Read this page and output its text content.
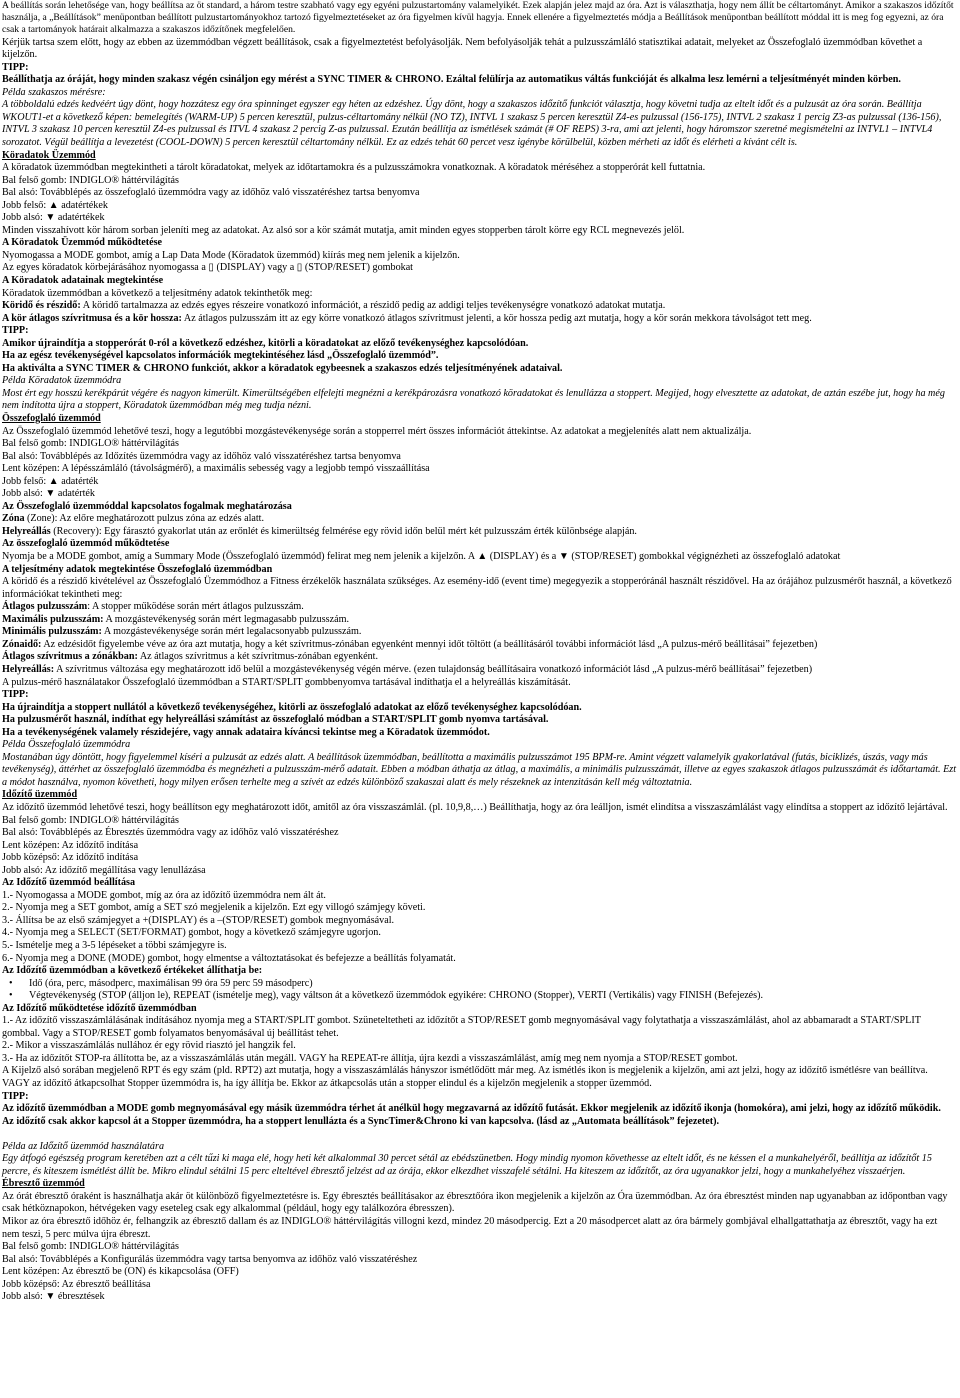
A beállítás során lehetősége van, hogy beállítsa az öt standard, a három testre szabható vagy egy egyéni pulzustartomány valamelyikét. Ezek alapján jelez majd az óra. Azt is választhatja, hogy nem állít be céltartományt. Amikor a szakaszos időzítőt használja, a „Beállítások” menüpontban beállított pulzustartományokhoz tartozó figyelmeztetéseket az óra figyelmen kívül hagyja. Ennek ellenére a figyelmeztetés módja a Beállítások menüpontban beállított móddal itt is meg fog egyezni, az óra csak a tartományok határait alkalmazza a szakaszos időzítőnek megfelelően.

Kérjük tartsa szem előtt, hogy az ebben az üzemmódban végzett beállítások, csak a figyelmeztetést befolyásolják. Nem befolyásolják tehát a pulzusszámláló statisztikai adatait, melyeket az Összefoglaló üzemmódban követhet a kijelzőn.

TIPP:

Beállíthatja az óráját, hogy minden szakasz végén csináljon egy mérést a SYNC TIMER & CHRONO. Ezáltal felülírja az automatikus váltás funkcióját és alkalma lesz lemérni a teljesítményét minden körben.

Példa szakaszos mérésre:

A többoldalú edzés kedvéért úgy dönt, hogy hozzátesz egy óra spinninget egyszer egy héten az edzéshez. Úgy dönt, hogy a szakaszos időzítő funkciót választja, hogy követni tudja az eltelt időt és a pulzusát az óra során. Beállítja WKOUT1-et a következő képen: bemelegítés (WARM-UP) 5 percen keresztül, pulzus-céltartomány nélkül (NO TZ), INTVL 1 szakasz 5 percen keresztül Z4-es pulzussal (156-175), INTVL 2 szakasz 1 percig Z3-as pulzussal (136-156), INTVL 3 szakasz 10 percen keresztül Z4-es pulzussal és ITVL 4 szakasz 2 percig Z-as pulzussal. Ezután beállítja az ismétlések számát (# OF REPS) 3-ra, ami azt jelenti, hogy háromszor szeretné megismételni az INTVL1 – INTVL4 sorozatot. Végül beállítja a levezetést (COOL-DOWN) 5 percen keresztül céltartomány nélkül. Ez az edzés tehát 60 percet vesz igénybe körülbelül, közben mérheti az időt és elérheti a kívánt célt is.

Köradatok Üzemmód

A köradatok üzemmódban megtekintheti a tárolt köradatokat, melyek az időtartamokra és a pulzusszámokra vonatkoznak. A köradatok méréséhez a stopperórát kell futtatnia.

Bal felső gomb: INDIGLO® háttérvilágítás

Bal alsó: Továbblépés az összefoglaló üzemmódra vagy az időhöz való visszatéréshez tartsa benyomva

Jobb felső: ▲ adatértékek

Jobb alsó: ▼ adatértékek

Minden visszahívott kör három sorban jeleníti meg az adatokat. Az alsó sor a kör számát mutatja, amit minden egyes stopperben tárolt körre egy RCL megnevezés jelöl.

A Köradatok Üzemmód működtetése

Nyomogassa a MODE gombot, amíg a Lap Data Mode (Köradatok üzemmód) kiírás meg nem jelenik a kijelzőn.

Az egyes köradatok körbejárásához nyomogassa a ▯ (DISPLAY) vagy a ▯ (STOP/RESET) gombokat

A Köradatok adatainak megtekintése

Köradatok üzemmódban a következő a teljesítmény adatok tekinthetők meg:

Köridő és részidő: A köridő tartalmazza az edzés egyes részeire vonatkozó információt, a részidő pedig az addigi teljes tevékenységre vonatkozó adatokat mutatja.

A kör átlagos szívritmusa és a kör hossza: Az átlagos pulzusszám itt az egy körre vonatkozó átlagos szívritmust jelenti, a kör hossza pedig azt mutatja, hogy a kör során mekkora távolságot tett meg.

TIPP:

Amikor újraindítja a stopperórát 0-ról a következő edzéshez, kitörli a köradatokat az előző tevékenységhez kapcsolódóan.

Ha az egész tevékenységével kapcsolatos információk megtekintéséhez lásd „Összefoglaló üzemmód”.

Ha aktiválta a SYNC TIMER & CHRONO funkciót, akkor a köradatok egybeesnek a szakaszos edzés teljesítményének adataival.

Példa Köradatok üzemmódra

Most ért egy hosszú kerékpárút végére és nagyon kimerült. Kimerültségében elfelejti megnézni a kerékpározásra vonatkozó köradatokat és lenullázza a stoppert. Megijed, hogy elvesztette az adatokat, de aztán eszébe jut, hogy ha még nem indította újra a stoppert, Köradatok üzemmódban még meg tudja nézni.

Összefoglaló üzemmód

Az Összefoglaló üzemmód lehetővé teszi, hogy a legutóbbi mozgástevékenysége során a stopperrel mért összes információt áttekintse. Az adatokat a megjelenítés alatt nem aktualizálja.

Bal felső gomb: INDIGLO® háttérvilágítás

Bal alsó: Továbblépés az Időzítés üzemmódra vagy az időhöz való visszatéréshez tartsa benyomva

Lent középen: A lépésszámláló (távolságmérő), a maximális sebesség vagy a legjobb tempó visszaállítása

Jobb felső: ▲ adatérték

Jobb alsó: ▼ adatérték

Az Összefoglaló üzemmóddal kapcsolatos fogalmak meghatározása

Zóna (Zone): Az előre meghatározott pulzus zóna az edzés alatt.

Helyreállás (Recovery): Egy fárasztó gyakorlat után az erőnlét és kimerültség felmérése egy rövid időn belül mért két pulzusszám érték különbsége alapján.

Az összefoglaló üzemmód működtetése

Nyomja be a MODE gombot, amíg a Summary Mode (Összefoglaló üzemmód) felirat meg nem jelenik a kijelzőn. A ▲ (DISPLAY) és a ▼ (STOP/RESET) gombokkal végignézheti az összefoglaló adatokat

A teljesítmény adatok megtekintése Összefoglaló üzemmódban

A köridő és a részidő kivételével az Összefoglaló Üzemmódhoz a Fitness érzékelők használata szükséges. Az esemény-idő (event time) megegyezik a stopperóránál használt részidővel. Ha az órájához pulzusmérőt használ, a következő információkat tekintheti meg:

Átlagos pulzusszám: A stopper működése során mért átlagos pulzusszám.

Maximális pulzusszám: A mozgástevékenység során mért legmagasabb pulzusszám.

Minimális pulzusszám: A mozgástevékenysége során mért legalacsonyabb pulzusszám.

Zónaidő: Az edzésidőt figyelembe véve az óra azt mutatja, hogy a két szívritmus-zónában egyenként mennyi időt töltött (a beállításáról további információt lásd „A pulzus-mérő beállításai” fejezetben)

Átlagos szívritmus a zónákban: Az átlagos szívritmus a két szívritmus-zónában egyenként.

Helyreállás: A szívritmus változása egy meghatározott idő belül a mozgástevékenység végén mérve. (ezen tulajdonság beállításaira vonatkozó információt lásd „A pulzus-mérő beállításai” fejezetben)

A pulzus-mérő használatakor Összefoglaló üzemmódban a START/SPLIT gombbenyomva tartásával indíthatja el a helyreállás kiszámítását.

TIPP:

Ha újraindítja a stoppert nullától a következő tevékenységéhez, kitörli az összefoglaló adatokat az előző tevékenységhez kapcsolódóan.

Ha pulzusmérőt használ, indíthat egy helyreállási számítást az összefoglaló módban a START/SPLIT gomb nyomva tartásával.

Ha a tevékenységének valamely részidejére, vagy annak adataira kíváncsi tekintse meg a Köradatok üzemmódot.

Példa Összefoglaló üzemmódra

Mostanában úgy döntött, hogy figyelemmel kíséri a pulzusát az edzés alatt. A beállítások üzemmódban, beállította a maximális pulzusszámot 195 BPM-re. Amint végzett valamelyik gyakorlatával (futás, biciklizés, úszás, vagy más tevékenység), áttérhet az összefoglaló üzemmódba és megnézheti a pulzusszám-mérő adatait. Ebben a módban áthatja az átlag, a maximális, a minimális pulzusszámát, illetve az egyes szakaszok átlagos pulzusszámát és időtartamát. Ezt a módot használva, nyomon követheti, hogy milyen erősen terhelte meg a szívét az edzés különböző szakaszai alatt és mely részeknek az intenzitásán kell még változtatnia.

Időzítő üzemmód

Az időzítő üzemmód lehetővé teszi, hogy beállítson egy meghatározott időt, amitől az óra visszaszámlál. (pl. 10,9,8,…) Beállíthatja, hogy az óra leálljon, ismét elindítsa a visszaszámlálást vagy elindítsa a stoppert az időzítő lejártával.

Bal felső gomb: INDIGLO® háttérvilágítás

Bal alsó: Továbblépés az Ébresztés üzemmódra vagy az időhöz való visszatéréshez

Lent középen: Az időzítő indítása

Jobb középső: Az időzítő indítása

Jobb alsó: Az időzítő megállítása vagy lenullázása

Az Időzítő üzemmód beállítása

1.- Nyomogassa a MODE gombot, míg az óra az időzítő üzemmódra nem ált át.

2.- Nyomja meg a SET gombot, amíg a SET szó megjelenik a kijelzőn. Ezt egy villogó számjegy követi.

3.- Állítsa be az első számjegyet a +(DISPLAY) és a –(STOP/RESET) gombok megnyomásával.

4.- Nyomja meg a SELECT (SET/FORMAT) gombot, hogy a következő számjegyre ugorjon.

5.- Ismételje meg a 3-5 lépéseket a többi számjegyre is.

6.- Nyomja meg a DONE (MODE) gombot, hogy elmentse a változtatásokat és befejezze a beállítás folyamatát.

Az Időzítő üzemmódban a következő értékeket állíthatja be:

• Idő (óra, perc, másodperc, maximálisan 99 óra 59 perc 59 másodperc)
• Végtevékenység (STOP (álljon le), REPEAT (ismételje meg), vagy váltson át a következő üzemmódok egyikére: CHRONO (Stopper), VERTI (Vertikális) vagy FINISH (Befejezés).

Az Időzítő működtetése időzítő üzemmódban

1.- Az időzítő visszaszámlálásának indításához nyomja meg a START/SPLIT gombot. Szüneteltetheti az időzítőt a STOP/RESET gomb megnyomásával vagy folytathatja a visszaszámlálást, ahol az abbamaradt a START/SPLIT gombbal. Vagy a STOP/RESET gomb folyamatos benyomásával új beállítást tehet.

2.- Mikor a visszaszámlálás nullához ér egy rövid riasztó jel hangzik fel.

3.- Ha az időzítőt STOP-ra állította be, az a visszaszámlálás után megáll. VAGY ha REPEAT-re állítja, újra kezdi a visszaszámlálást, amíg meg nem nyomja a STOP/RESET gombot.

A Kijelző alsó sorában megjelenő RPT és egy szám (pld. RPT2) azt mutatja, hogy a visszaszámlálás hányszor ismétlődött már meg. Az ismétlés ikon is megjelenik a kijelzőn, ami azt jelzi, hogy az időzítő ismétlésre van beállítva. VAGY az időzítő átkapcsolhat Stopper üzemmódra is, ha így állítja be. Ekkor az átkapcsolás után a stopper elindul és a kijelzőn megjelenik a stopper üzemmód.

TIPP:

Az időzítő üzemmódban a MODE gomb megnyomásával egy másik üzemmódra térhet át anélkül hogy megzavarná az időzítő futását. Ekkor megjelenik az időzítő ikonja (homokóra), ami jelzi, hogy az időzítő működik.

Az időzítő csak akkor kapcsol át a Stopper üzemmódra, ha a stoppert lenullázta és a SyncTimer&Chrono ki van kapcsolva. (lásd az „Automata beállítások” fejezetet).

Példa az Időzítő üzemmód használatára

Egy átfogó egészség program keretében azt a célt tűzi ki maga elé, hogy heti két alkalommal 30 percet sétál az ebédszünetben. Hogy mindig nyomon követhesse az eltelt időt, és ne késsen el a munkahelyéről, beállítja az időzítőt 15 percre, és kiteszem ismétlést állít be. Mikro elindul sétálni 15 perc elteltével ébresztő jelzést ad az órája, ekkor elkezdhet visszafelé sétálni. Ha kiteszem az időzítőt, az óra ugyanakkor jelzi, hogy a munkahelyéhez visszaérjen.

Ébresztő üzemmód

Az órát ébresztő óraként is használhatja akár öt különböző figyelmeztetésre is. Egy ébresztés beállításakor az ébresztőóra ikon megjelenik a kijelzőn az Óra üzemmódban. Az óra ébresztést minden nap ugyanabban az időpontban vagy csak hétköznapokon, hétvégeken vagy eseteleg csak egy alkalommal (például, hogy egy találkozóra ébresszen).

Mikor az óra ébresztő időhöz ér, felhangzik az ébresztő dallam és az INDIGLO® háttérvilágítás villogni kezd, mindez 20 másodpercig. Ezt a 20 másodpercet alatt az óra bármely gombjával elhallgattathatja az ébresztőt, vagy ha ezt nem teszi, 5 perc múlva újra ébreszt.

Bal felső gomb: INDIGLO® háttérvilágítás

Bal alsó: Továbblépés a Konfigurálás üzemmódra vagy tartsa benyomva az időhöz való visszatéréshez

Lent középen: Az ébresztő be (ON) és kikapcsolása (OFF)

Jobb középső: Az ébresztő beállítása

Jobb alsó: ▼ ébresztések
